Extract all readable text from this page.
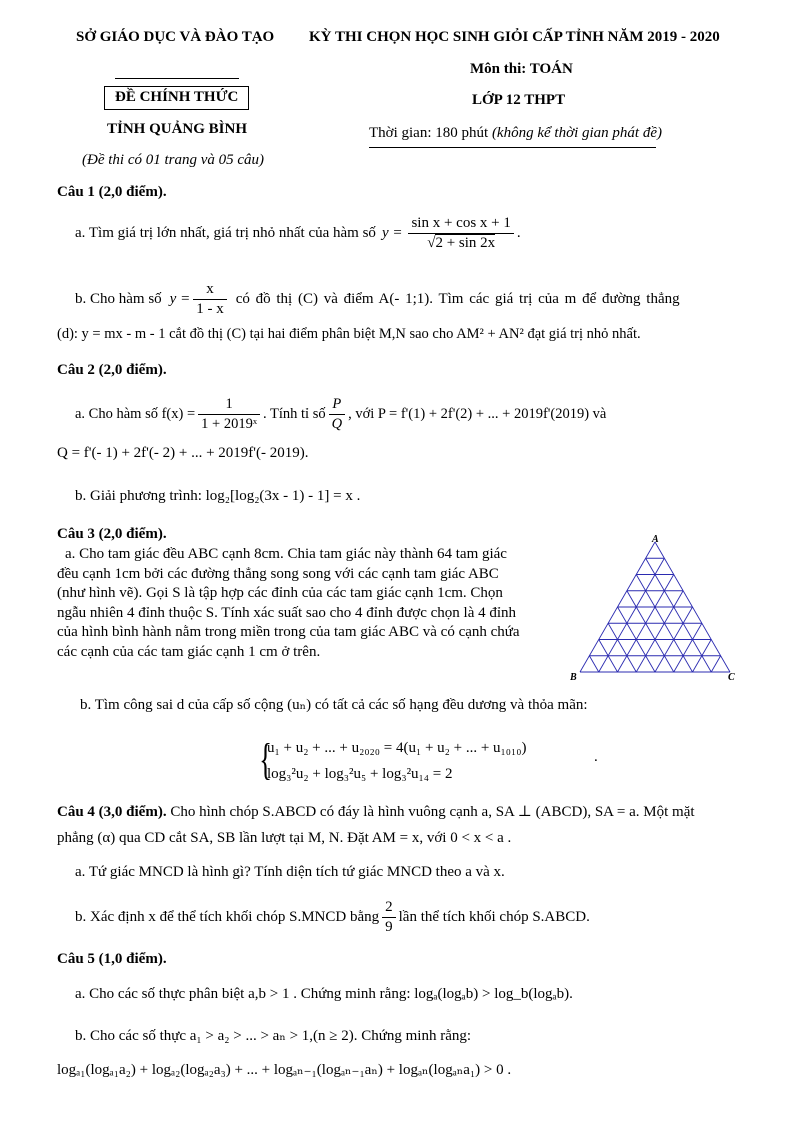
SỞ GIÁO DỤC VÀ ĐÀO TẠO KỲ THI CHỌN HỌC SINH GIỎI CẤP TỈNH NĂM 2019 - 2020
Môn thi: TOÁN
ĐỀ CHÍNH THỨC	LỚP 12 THPT
TỈNH QUẢNG BÌNH	Thời gian: 180 phút (không kể thời gian phát đề)
(Đề thi có 01 trang và 05 câu)
Câu 1 (2,0 điểm).
a. Tìm giá trị lớn nhất, giá trị nhỏ nhất của hàm số $y = \frac{\text{sin x + cos x + 1}}{√2 + \sin 2x}$ .
b. Cho hàm số $y = \frac{x}{1 - x}$ có đồ thị (C) và điểm A(- 1;1). Tìm các giá trị của m để đường thẳng
(d): y = mx - m - 1 cắt đồ thị (C) tại hai điểm phân biệt M,N sao cho AM² + AN² đạt giá trị nhỏ nhất.
Câu 2 (2,0 điểm).
a. Cho hàm số $f(x) = \frac{1}{\text{1 + 2019ˣ}}$ . Tính tỉ số $\frac{P}{Q}$ , với P = f'(1) + 2f'(2) + ... + 2019f'(2019) và
Q = f'(- 1) + 2f'(- 2) + ... + 2019f'(- 2019).
b. Giải phương trình: log₂[log₂(3x - 1) - 1] = x .
Câu 3 (2,0 điểm).
a. Cho tam giác đều ABC cạnh 8cm. Chia tam giác này thành 64 tam giác
đều cạnh 1cm bởi các đường thẳng song song với các cạnh tam giác ABC
(như hình vẽ). Gọi S là tập hợp các đỉnh của các tam giác cạnh 1cm. Chọn
ngẫu nhiên 4 đỉnh thuộc S. Tính xác suất sao cho 4 đỉnh được chọn là 4 đỉnh
của hình bình hành nằm trong miền trong của tam giác ABC và có cạnh chứa
các cạnh của các tam giác cạnh 1 cm ở trên.
A
B	C
b. Tìm công sai d của cấp số cộng (uₙ) có tất cả các số hạng đều dương và thỏa mãn:
{
u₁ + u₂ + ... + u₂₀₂₀ = 4(u₁ + u₂ + ... + u₁₀₁₀)
log₃²u₂ + log₃²u₅ + log₃²u₁₄ = 2
.
Câu 4 (3,0 điểm). Cho hình chóp S.ABCD có đáy là hình vuông cạnh a, SA ⊥ (ABCD), SA = a. Một mặt
phẳng (α) qua CD cắt SA, SB lần lượt tại M, N. Đặt AM = x, với 0 < x < a .
a. Tứ giác MNCD là hình gì? Tính diện tích tứ giác MNCD theo a và x.
b. Xác định x để thể tích khối chóp S.MNCD bằng $\frac{2}{9}$ lần thể tích khối chóp S.ABCD.
Câu 5 (1,0 điểm).
a. Cho các số thực phân biệt a,b > 1 . Chứng minh rằng: logₐ(logₐb) > log_b(logₐb).
b. Cho các số thực a₁ > a₂ > ... > aₙ > 1,(n ≥ 2). Chứng minh rằng:
logₐ₁(logₐ₁a₂) + logₐ₂(logₐ₂a₃) + ... + logₐₙ₋₁(logₐₙ₋₁aₙ) + logₐₙ(logₐₙa₁) > 0 .
